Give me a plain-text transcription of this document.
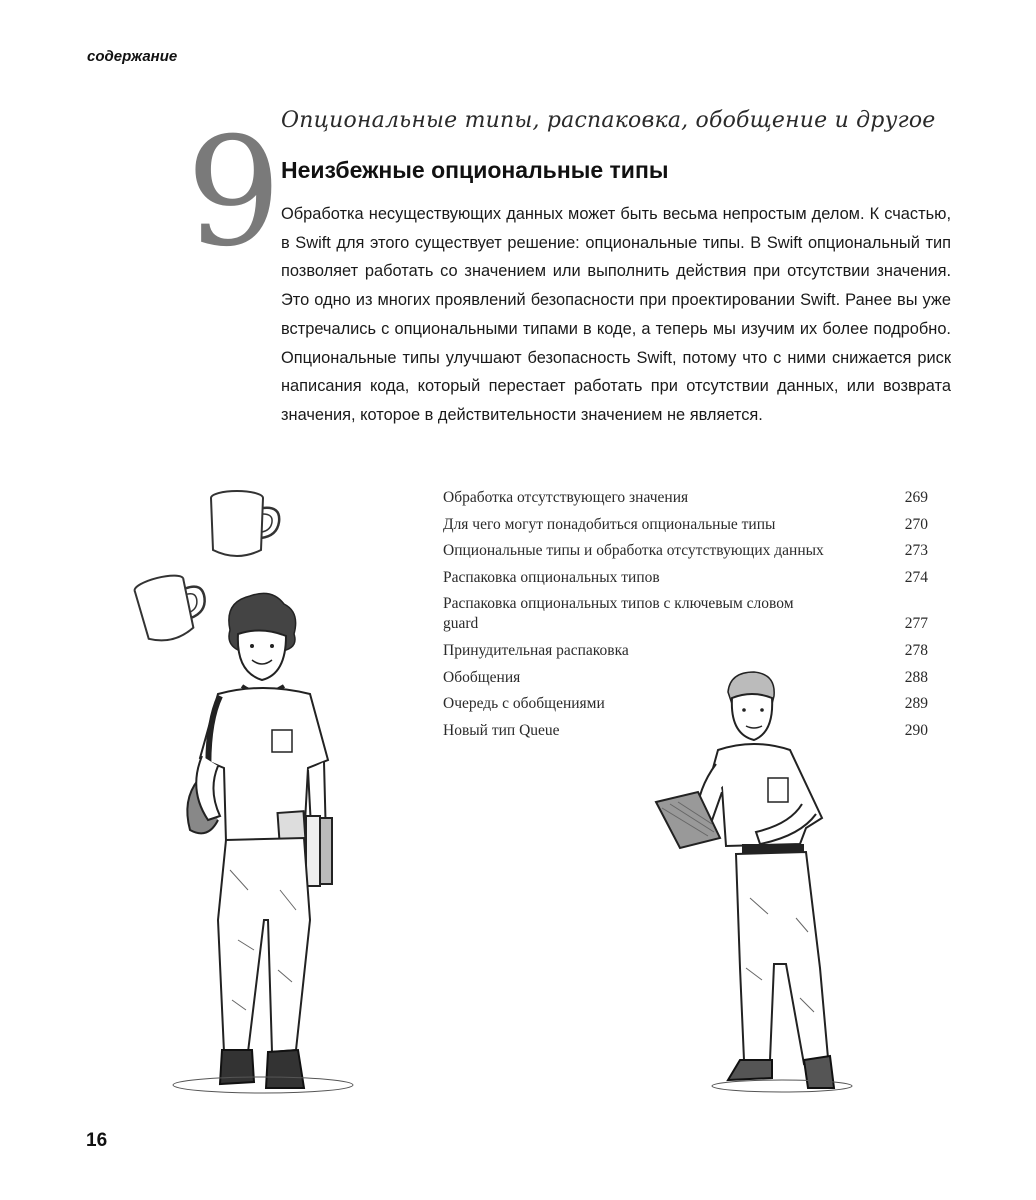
содержание
9 Опциональные типы, распаковка, обобщение и другое
Неизбежные опциональные типы
Обработка несуществующих данных может быть весьма непростым делом. К счастью, в Swift для этого существует решение: опциональные типы. В Swift опциональный тип позволяет работать со значением или выполнить действия при отсутствии значения. Это одно из многих проявлений безопасности при проектировании Swift. Ранее вы уже встречались с опциональными типами в коде, а теперь мы изучим их более подробно. Опциональные типы улучшают безопасность Swift, потому что с ними снижается риск написания кода, который перестает работать при отсутствии данных, или возврата значения, которое в действительности значением не является.
Обработка отсутствующего значения	269
Для чего могут понадобиться опциональные типы	270
Опциональные типы и обработка отсутствующих данных	273
Распаковка опциональных типов	274
Распаковка опциональных типов с ключевым словом guard	277
Принудительная распаковка	278
Обобщения	288
Очередь с обобщениями	289
Новый тип Queue	290
16
